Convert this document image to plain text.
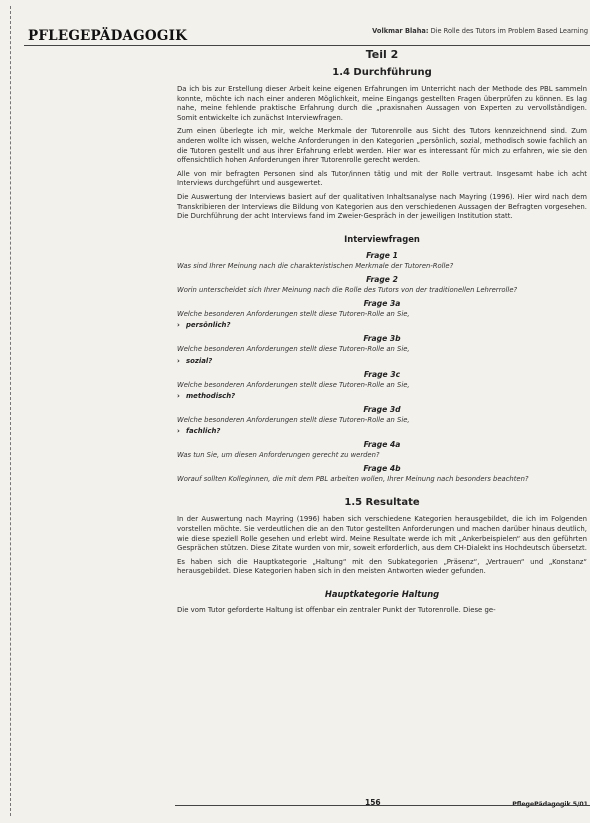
PFLEGEPÄDAGOGIK	Volkmar Blaha: Die Rolle des Tutors im Problem Based Learning
Teil 2
1.4 Durchführung

Da ich bis zur Erstellung dieser Arbeit keine eigenen Erfahrungen im Unterricht nach der Methode des PBL sammeln konnte, möchte ich nach einer anderen Möglichkeit, meine Eingangs gestellten Fragen überprüfen zu können. Es lag nahe, meine fehlende praktische Erfahrung durch die „praxisnahen Aussagen von Experten zu vervollständigen. Somit entwickelte ich zunächst Interviewfragen.

Zum einen überlegte ich mir, welche Merkmale der Tutorenrolle aus Sicht des Tutors kennzeichnend sind. Zum anderen wollte ich wissen, welche Anforderungen in den Kategorien „persönlich, sozial, methodisch sowie fachlich an die Tutoren gestellt und aus ihrer Erfahrung erlebt werden. Hier war es interessant für mich zu erfahren, wie sie den offensichtlich hohen Anforderungen ihrer Tutorenrolle gerecht werden.

Alle von mir befragten Personen sind als Tutor/innen tätig und mit der Rolle vertraut. Insgesamt habe ich acht Interviews durchgeführt und ausgewertet.

Die Auswertung der Interviews basiert auf der qualitativen Inhaltsanalyse nach Mayring (1996). Hier wird nach dem Transkribieren der Interviews die Bildung von Kategorien aus den verschiedenen Aussagen der Befragten vorgesehen. Die Durchführung der acht Interviews fand im Zweier-Gespräch in der jeweiligen Institution statt.

Interviewfragen
Frage 1
Was sind Ihrer Meinung nach die charakteristischen Merkmale der Tutoren-Rolle?
Frage 2
Worin unterscheidet sich Ihrer Meinung nach die Rolle des Tutors von der traditionellen Lehrerrolle?
Frage 3a
Welche besonderen Anforderungen stellt diese Tutoren-Rolle an Sie,
› persönlich?
Frage 3b
Welche besonderen Anforderungen stellt diese Tutoren-Rolle an Sie,
› sozial?
Frage 3c
Welche besonderen Anforderungen stellt diese Tutoren-Rolle an Sie,
› methodisch?
Frage 3d
Welche besonderen Anforderungen stellt diese Tutoren-Rolle an Sie,
› fachlich?
Frage 4a
Was tun Sie, um diesen Anforderungen gerecht zu werden?
Frage 4b
Worauf sollten Kolleginnen, die mit dem PBL arbeiten wollen, Ihrer Meinung nach besonders beachten?
1.5 Resultate

In der Auswertung nach Mayring (1996) haben sich verschiedene Kategorien herausgebildet, die ich im Folgenden vorstellen möchte. Sie verdeutlichen die an den Tutor gestellten Anforderungen und machen darüber hinaus deutlich, wie diese speziell Rolle gesehen und erlebt wird. Meine Resultate werde ich mit „Ankerbeispielen“ aus den geführten Gesprächen stützen. Diese Zitate wurden von mir, soweit erforderlich, aus dem CH-Dialekt ins Hochdeutsch übersetzt.

Es haben sich die Hauptkategorie „Haltung“ mit den Subkategorien „Präsenz“, „Vertrauen“ und „Konstanz“ herausgebildet. Diese Kategorien haben sich in den meisten Antworten wieder gefunden.

Hauptkategorie Haltung

Die vom Tutor geforderte Haltung ist offenbar ein zentraler Punkt der Tutorenrolle. Diese ge-

156	PflegePädagogik 5/01
